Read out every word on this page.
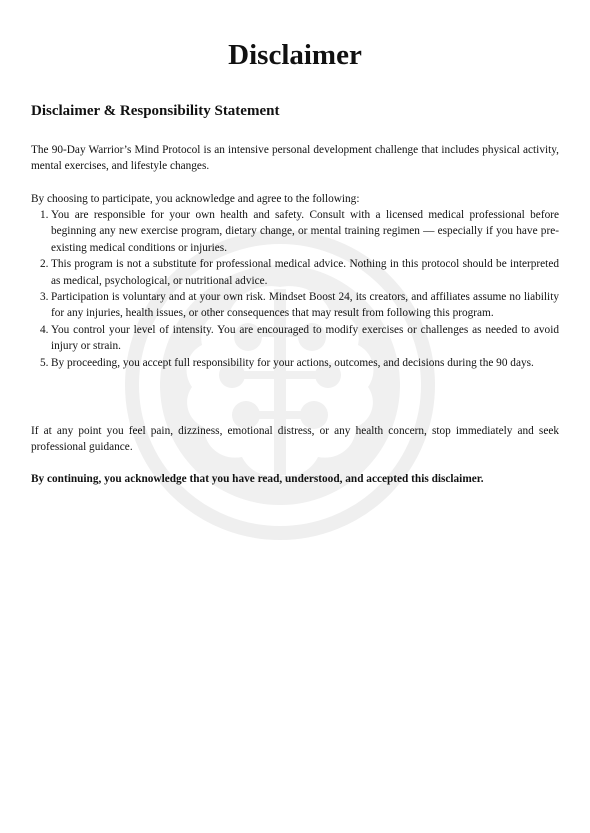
Disclaimer
Disclaimer & Responsibility Statement

The 90-Day Warrior’s Mind Protocol is an intensive personal development challenge that includes physical activity, mental exercises, and lifestyle changes.

By choosing to participate, you acknowledge and agree to the following:

1. You are responsible for your own health and safety. Consult with a licensed medical professional before beginning any new exercise program, dietary change, or mental training regimen — especially if you have pre-existing medical conditions or injuries.
2. This program is not a substitute for professional medical advice. Nothing in this protocol should be interpreted as medical, psychological, or nutritional advice.
3. Participation is voluntary and at your own risk. Mindset Boost 24, its creators, and affiliates assume no liability for any injuries, health issues, or other consequences that may result from following this program.
4. You control your level of intensity. You are encouraged to modify exercises or challenges as needed to avoid injury or strain.
5. By proceeding, you accept full responsibility for your actions, outcomes, and decisions during the 90 days.

If at any point you feel pain, dizziness, emotional distress, or any health concern, stop immediately and seek professional guidance.

By continuing, you acknowledge that you have read, understood, and accepted this disclaimer.
